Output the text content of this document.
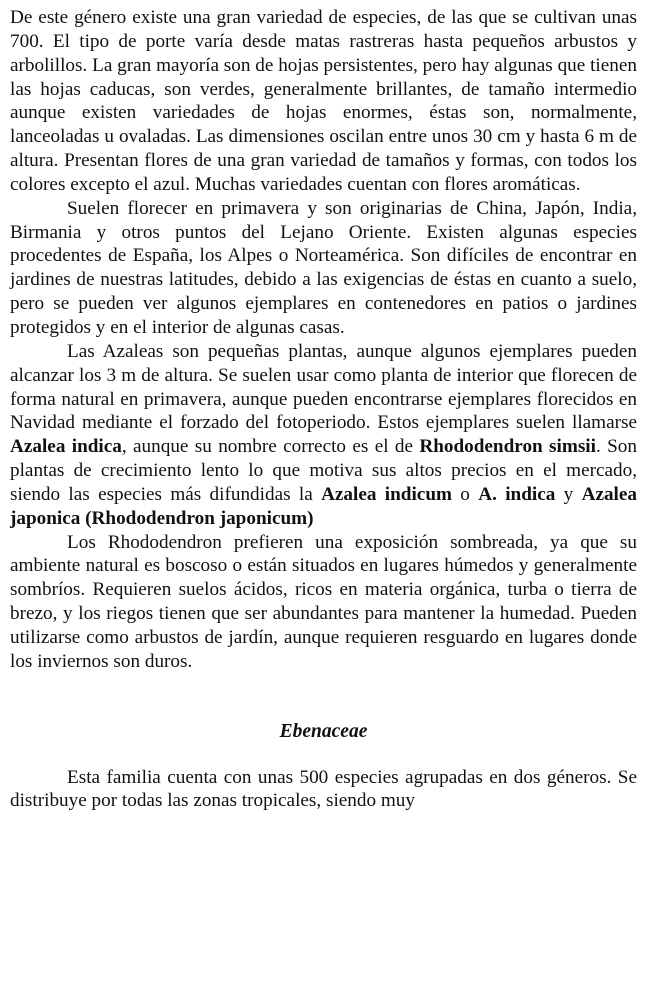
De este género existe una gran variedad de especies, de las que se cultivan unas 700. El tipo de porte varía desde matas rastreras hasta pequeños arbustos y arbolillos. La gran mayoría son de hojas persistentes, pero hay algunas que tienen las hojas caducas, son verdes, generalmente brillantes, de tamaño intermedio aunque existen variedades de hojas enormes, éstas son, normalmente, lanceoladas u ovaladas. Las dimensiones oscilan entre unos 30 cm y hasta 6 m de altura. Presentan flores de una gran variedad de tamaños y formas, con todos los colores excepto el azul. Muchas variedades cuentan con flores aromáticas.

Suelen florecer en primavera y son originarias de China, Japón, India, Birmania y otros puntos del Lejano Oriente. Existen algunas especies procedentes de España, los Alpes o Norteamérica. Son difíciles de encontrar en jardines de nuestras latitudes, debido a las exigencias de éstas en cuanto a suelo, pero se pueden ver algunos ejemplares en contenedores en patios o jardines protegidos y en el interior de algunas casas.

Las Azaleas son pequeñas plantas, aunque algunos ejemplares pueden alcanzar los 3 m de altura. Se suelen usar como planta de interior que florecen de forma natural en primavera, aunque pueden encontrarse ejemplares florecidos en Navidad mediante el forzado del fotoperiodo. Estos ejemplares suelen llamarse Azalea indica, aunque su nombre correcto es el de Rhododendron simsii. Son plantas de crecimiento lento lo que motiva sus altos precios en el mercado, siendo las especies más difundidas la Azalea indicum o A. indica y Azalea japonica (Rhododendron japonicum)

Los Rhododendron prefieren una exposición sombreada, ya que su ambiente natural es boscoso o están situados en lugares húmedos y generalmente sombríos. Requieren suelos ácidos, ricos en materia orgánica, turba o tierra de brezo, y los riegos tienen que ser abundantes para mantener la humedad. Pueden utilizarse como arbustos de jardín, aunque requieren resguardo en lugares donde los inviernos son duros.

Ebenaceae

Esta familia cuenta con unas 500 especies agrupadas en dos géneros. Se distribuye por todas las zonas tropicales, siendo muy
